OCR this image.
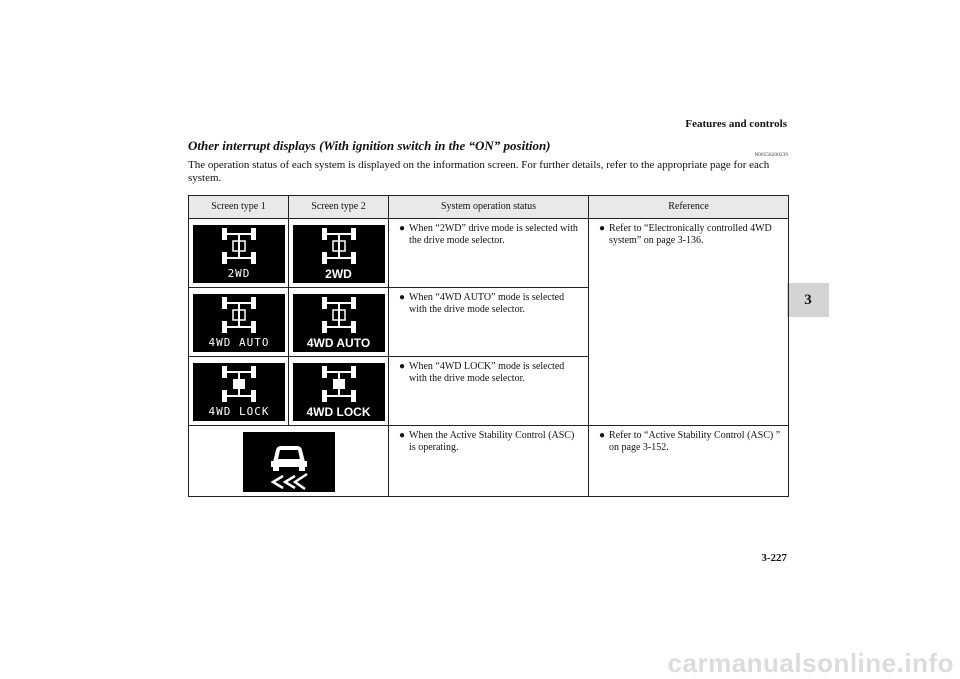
Features and controls
3
Other interrupt displays (With ignition switch in the “ON” position)
N00558200239
The operation status of each system is displayed on the information screen. For further details, refer to the appropriate page for each system.
Screen type 1	Screen type 2	System operation status	Reference

2WD	2WD	● When “2WD” drive mode is selected with the drive mode selector.	● Refer to “Electronically controlled 4WD system” on page 3-136.

4WD AUTO	4WD AUTO	● When “4WD AUTO” mode is selected with the drive mode selector.	

4WD LOCK	4WD LOCK	● When “4WD LOCK” mode is selected with the drive mode selector.	

● When the Active Stability Control (ASC) is operating.	● Refer to “Active Stability Control (ASC) ” on page 3-152.
3-227
carmanualsonline.info
